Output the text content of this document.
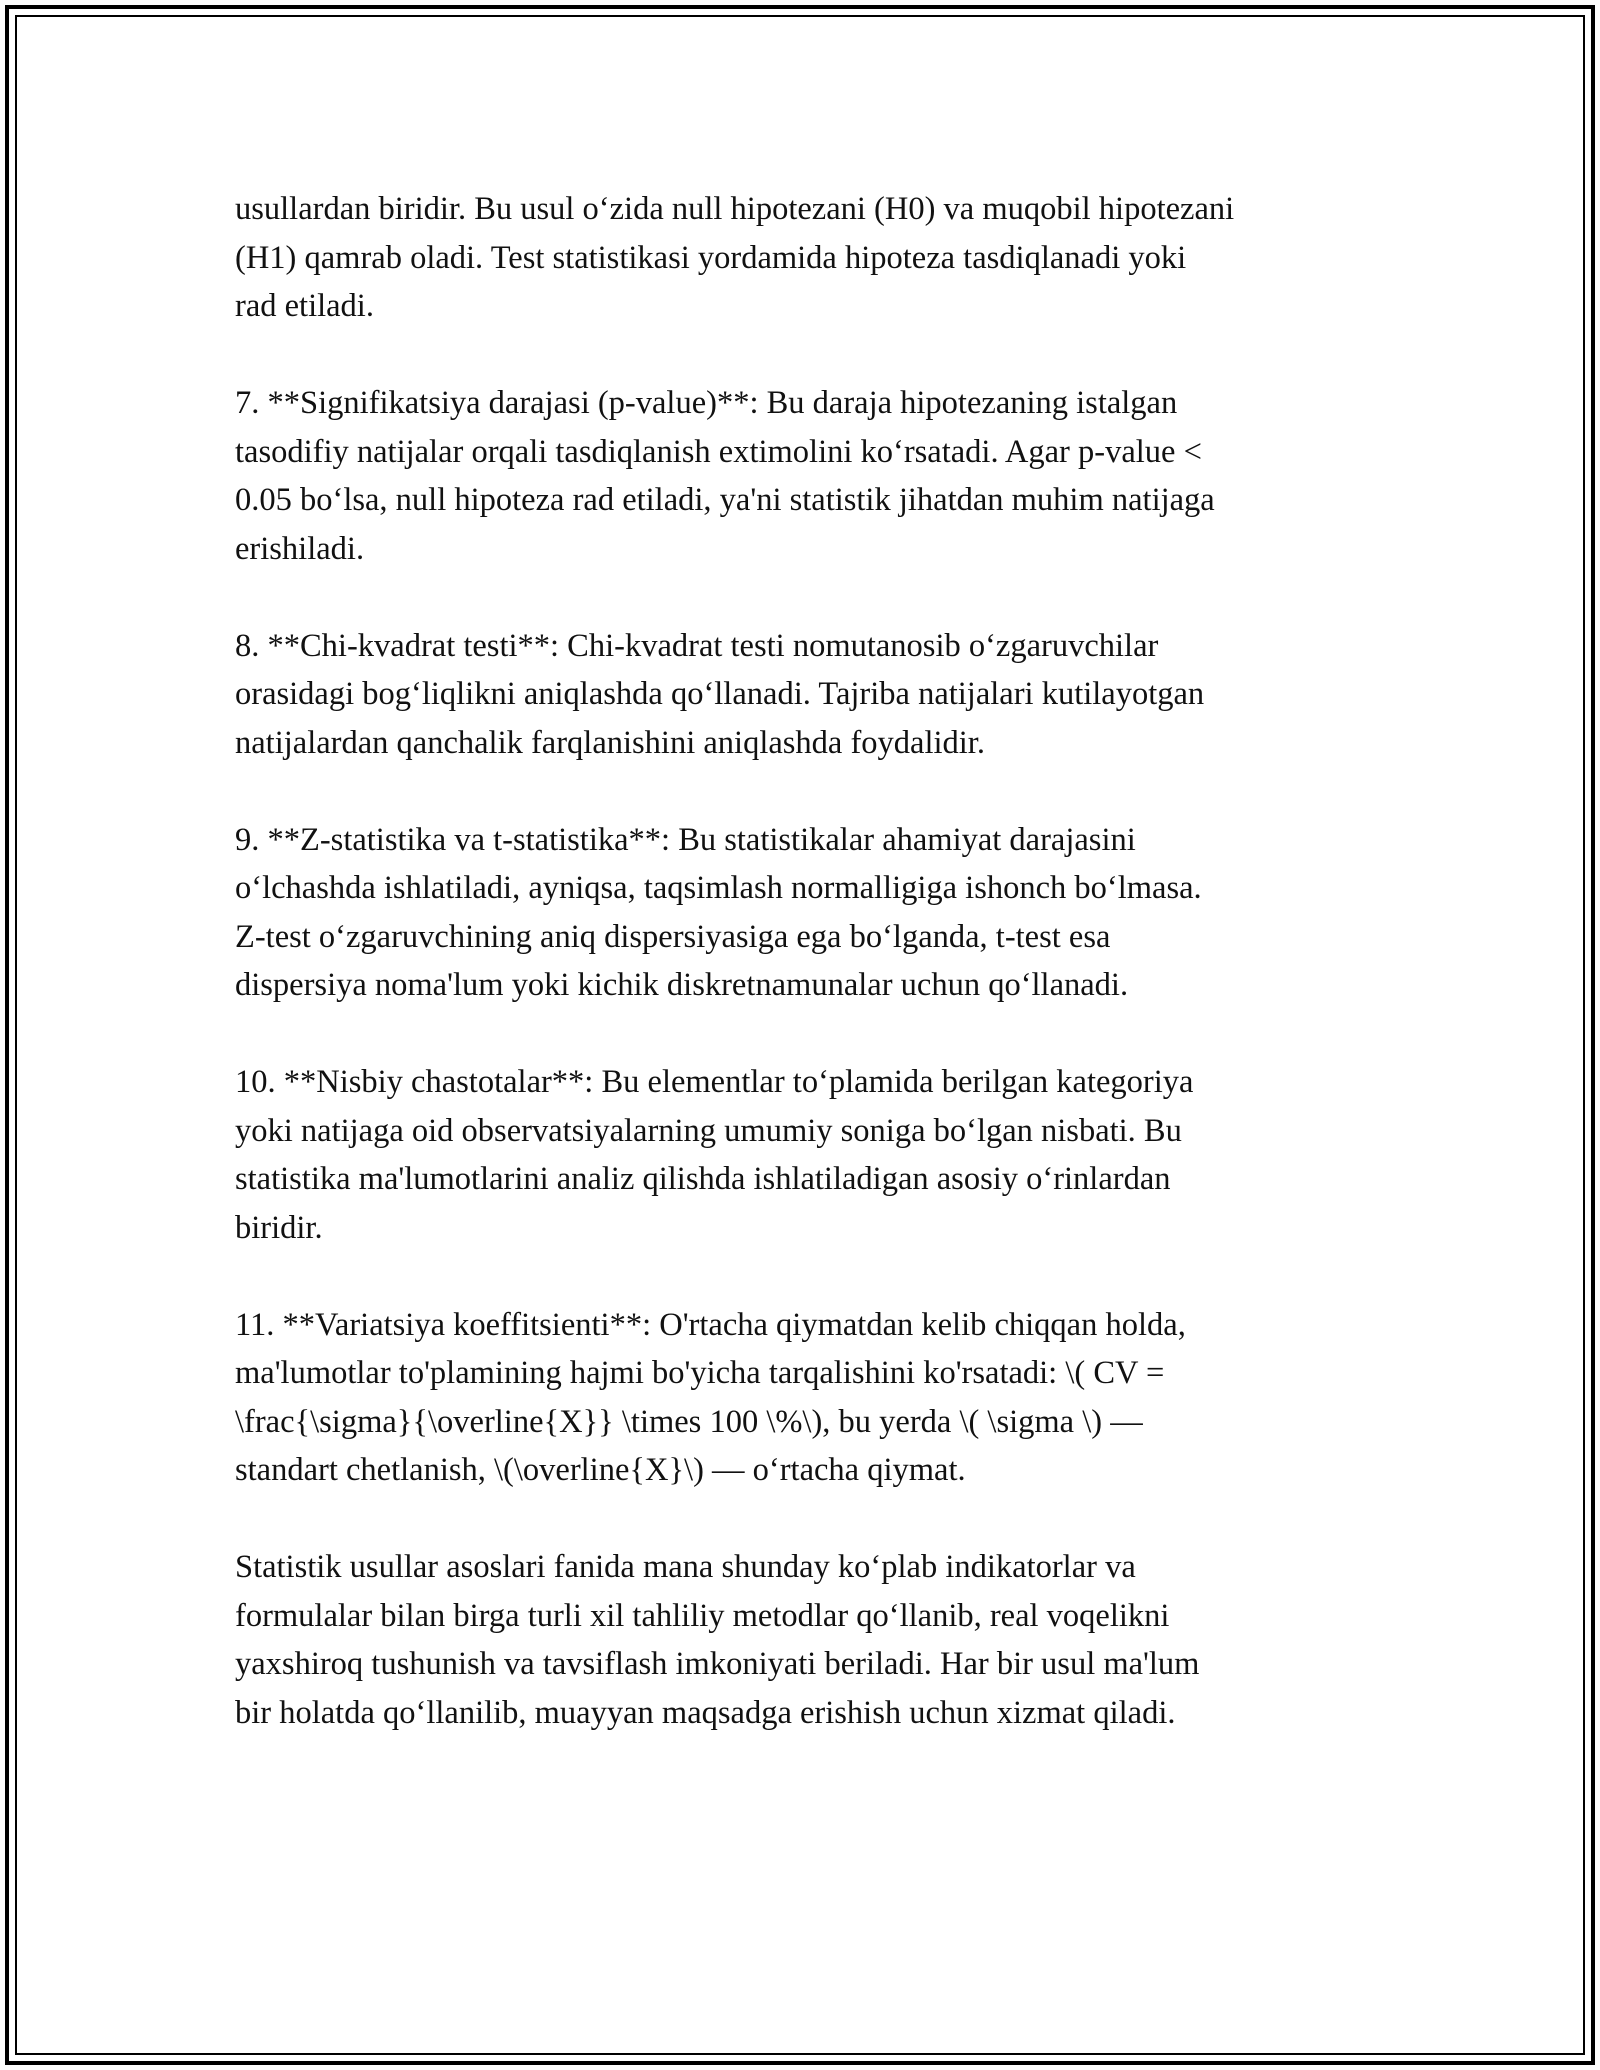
usullardan biridir. Bu usul o‘zida null hipotezani (H0) va muqobil hipotezani
(H1) qamrab oladi. Test statistikasi yordamida hipoteza tasdiqlanadi yoki
rad etiladi.

7. **Signifikatsiya darajasi (p-value)**: Bu daraja hipotezaning istalgan
tasodifiy natijalar orqali tasdiqlanish extimolini ko‘rsatadi. Agar p-value <
0.05 bo‘lsa, null hipoteza rad etiladi, ya'ni statistik jihatdan muhim natijaga
erishiladi.

8. **Chi-kvadrat testi**: Chi-kvadrat testi nomutanosib o‘zgaruvchilar
orasidagi bog‘liqlikni aniqlashda qo‘llanadi. Tajriba natijalari kutilayotgan
natijalardan qanchalik farqlanishini aniqlashda foydalidir.

9. **Z-statistika va t-statistika**: Bu statistikalar ahamiyat darajasini
o‘lchashda ishlatiladi, ayniqsa, taqsimlash normalligiga ishonch bo‘lmasa.
Z-test o‘zgaruvchining aniq dispersiyasiga ega bo‘lganda, t-test esa
dispersiya noma'lum yoki kichik diskretnamunalar uchun qo‘llanadi.

10. **Nisbiy chastotalar**: Bu elementlar to‘plamida berilgan kategoriya
yoki natijaga oid observatsiyalarning umumiy soniga bo‘lgan nisbati. Bu
statistika ma'lumotlarini analiz qilishda ishlatiladigan asosiy o‘rinlardan
biridir.

11. **Variatsiya koeffitsienti**: O'rtacha qiymatdan kelib chiqqan holda,
ma'lumotlar to'plamining hajmi bo'yicha tarqalishini ko'rsatadi: \( CV =
\frac{\sigma}{\overline{X}} \times 100 \%\), bu yerda \( \sigma \) —
standart chetlanish, \(\overline{X}\) — o‘rtacha qiymat.

Statistik usullar asoslari fanida mana shunday ko‘plab indikatorlar va
formulalar bilan birga turli xil tahliliy metodlar qo‘llanib, real voqelikni
yaxshiroq tushunish va tavsiflash imkoniyati beriladi. Har bir usul ma'lum
bir holatda qo‘llanilib, muayyan maqsadga erishish uchun xizmat qiladi.
